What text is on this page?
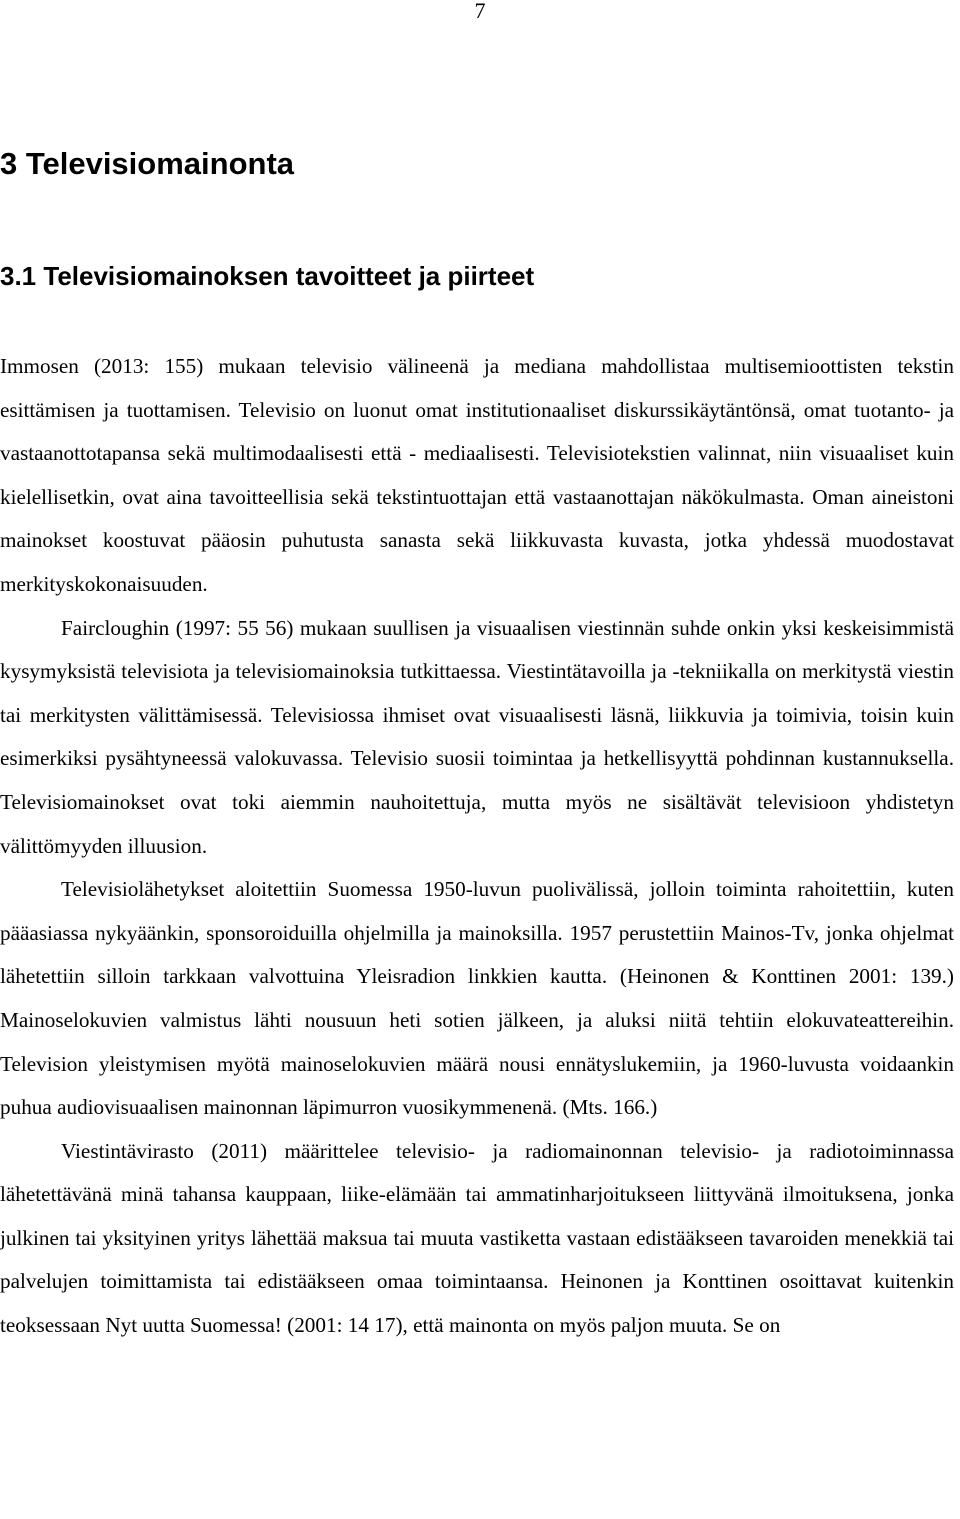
7
3 Televisiomainonta
3.1 Televisiomainoksen tavoitteet ja piirteet

Immosen (2013: 155) mukaan televisio välineenä ja mediana mahdollistaa multisemioottisten tekstin esittämisen ja tuottamisen. Televisio on luonut omat institutionaaliset diskurssikäytäntönsä, omat tuotanto- ja vastaanottotapansa sekä multimodaalisesti että - mediaalisesti. Televisiotekstien valinnat, niin visuaaliset kuin kielellisetkin, ovat aina tavoitteellisia sekä tekstintuottajan että vastaanottajan näkökulmasta. Oman aineistoni mainokset koostuvat pääosin puhutusta sanasta sekä liikkuvasta kuvasta, jotka yhdessä muodostavat merkityskokonaisuuden.

Faircloughin (1997: 55 56) mukaan suullisen ja visuaalisen viestinnän suhde onkin yksi keskeisimmistä kysymyksistä televisiota ja televisiomainoksia tutkittaessa. Viestintätavoilla ja -tekniikalla on merkitystä viestin tai merkitysten välittämisessä. Televisiossa ihmiset ovat visuaalisesti läsnä, liikkuvia ja toimivia, toisin kuin esimerkiksi pysähtyneessä valokuvassa. Televisio suosii toimintaa ja hetkellisyyttä pohdinnan kustannuksella. Televisiomainokset ovat toki aiemmin nauhoitettuja, mutta myös ne sisältävät televisioon yhdistetyn välittömyyden illuusion.

Televisiolähetykset aloitettiin Suomessa 1950-luvun puolivälissä, jolloin toiminta rahoitettiin, kuten pääasiassa nykyäänkin, sponsoroiduilla ohjelmilla ja mainoksilla. 1957 perustettiin Mainos-Tv, jonka ohjelmat lähetettiin silloin tarkkaan valvottuina Yleisradion linkkien kautta. (Heinonen & Konttinen 2001: 139.) Mainoselokuvien valmistus lähti nousuun heti sotien jälkeen, ja aluksi niitä tehtiin elokuvateattereihin. Television yleistymisen myötä mainoselokuvien määrä nousi ennätyslukemiin, ja 1960-luvusta voidaankin puhua audiovisuaalisen mainonnan läpimurron vuosikymmenenä. (Mts. 166.)

Viestintävirasto (2011) määrittelee televisio- ja radiomainonnan televisio- ja radiotoiminnassa lähetettävänä minä tahansa kauppaan, liike-elämään tai ammatinharjoitukseen liittyvänä ilmoituksena, jonka julkinen tai yksityinen yritys lähettää maksua tai muuta vastiketta vastaan edistääkseen tavaroiden menekkiä tai palvelujen toimittamista tai edistääkseen omaa toimintaansa. Heinonen ja Konttinen osoittavat kuitenkin teoksessaan Nyt uutta Suomessa! (2001: 14 17), että mainonta on myös paljon muuta. Se on
